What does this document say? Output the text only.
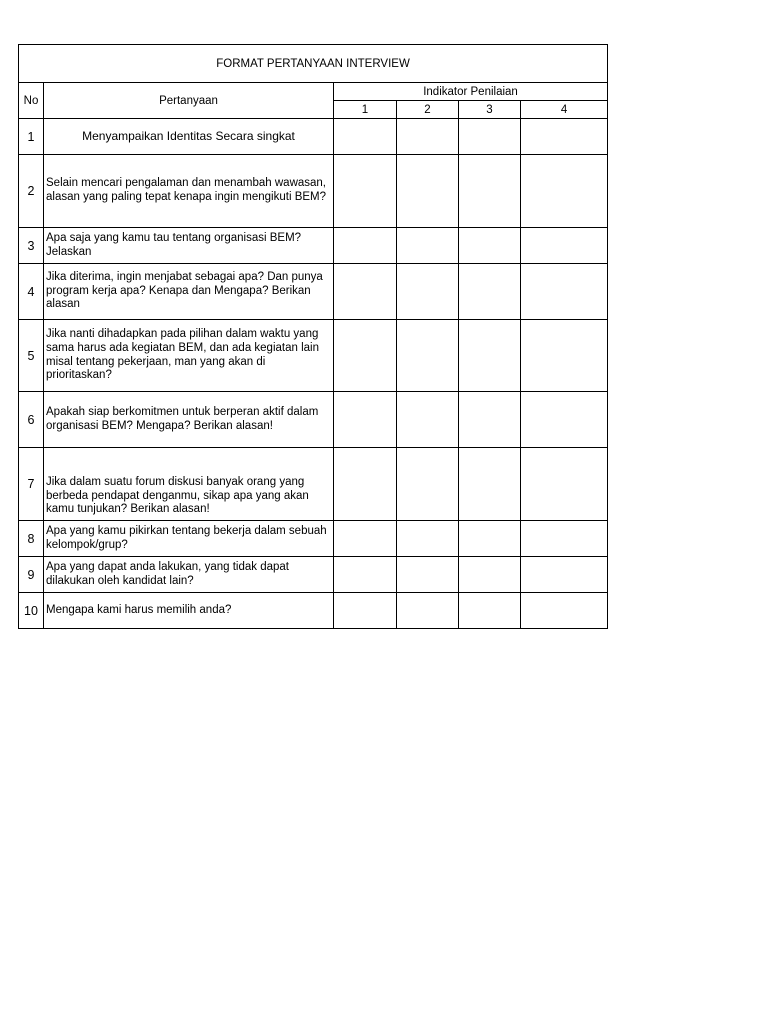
FORMAT PERTANYAAN INTERVIEW					
No	Pertanyaan	Indikator Penilaian			
		1	2	3	4
1	Menyampaikan Identitas Secara singkat				
2	Selain mencari pengalaman dan menambah wawasan, alasan yang paling tepat kenapa ingin mengikuti BEM?				
3	Apa saja yang kamu tau tentang organisasi BEM? Jelaskan				
4	Jika diterima, ingin menjabat sebagai apa? Dan punya program kerja apa? Kenapa dan Mengapa? Berikan alasan				
5	Jika nanti dihadapkan pada pilihan dalam waktu yang sama harus ada kegiatan BEM, dan ada kegiatan lain misal tentang pekerjaan, man yang akan di prioritaskan?				
6	Apakah siap berkomitmen untuk berperan aktif dalam organisasi BEM? Mengapa? Berikan alasan!				
7	Jika dalam suatu forum diskusi banyak orang yang berbeda pendapat denganmu, sikap apa yang akan kamu tunjukan? Berikan alasan!				
8	Apa yang kamu pikirkan tentang bekerja dalam sebuah kelompok/grup?				
9	Apa yang dapat anda lakukan, yang tidak dapat dilakukan oleh kandidat lain?				
10	Mengapa kami harus memilih anda?				
